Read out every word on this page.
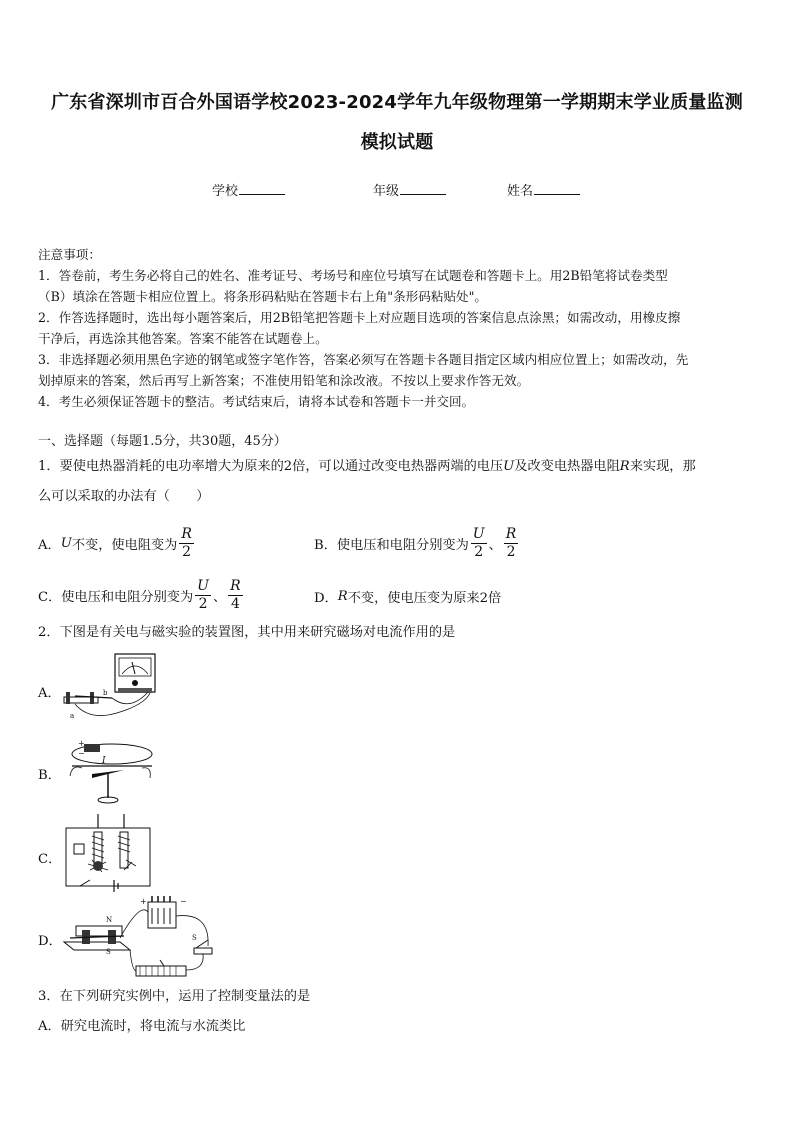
广东省深圳市百合外国语学校2023-2024学年九年级物理第一学期期末学业质量监测
模拟试题
学校	年级	姓名

注意事项：

1．答卷前，考生务必将自己的姓名、准考证号、考场号和座位号填写在试题卷和答题卡上。用2B铅笔将试卷类型

（B）填涂在答题卡相应位置上。将条形码粘贴在答题卡右上角"条形码粘贴处"。

2．作答选择题时，选出每小题答案后，用2B铅笔把答题卡上对应题目选项的答案信息点涂黑；如需改动，用橡皮擦

干净后，再选涂其他答案。答案不能答在试题卷上。

3．非选择题必须用黑色字迹的钢笔或签字笔作答，答案必须写在答题卡各题目指定区域内相应位置上；如需改动，先

划掉原来的答案，然后再写上新答案；不准使用铅笔和涂改液。不按以上要求作答无效。

4．考生必须保证答题卡的整洁。考试结束后，请将本试卷和答题卡一并交回。

一、选择题（每题1.5分，共30题，45分）
1．要使电热器消耗的电功率增大为原来的2倍，可以通过改变电热器两端的电压U及改变电热器电阻R来实现，那
么可以采取的办法有（　　）
A． U 不变，使电阻变为 $\frac{R}{2}$	B．使电压和电阻分别变为 $\frac{U}{2}$ 、 $\frac{R}{2}$
C．使电压和电阻分别变为 $\frac{U}{2}$ 、 $\frac{R}{4}$	D． R 不变，使电压变为原来2倍
2．下图是有关电与磁实验的装置图，其中用来研究磁场对电流作用的是
A．
a
b
B．
+
−
I
C．
D．
N
S
+	−
S
3．在下列研究实例中，运用了控制变量法的是
A．研究电流时，将电流与水流类比
